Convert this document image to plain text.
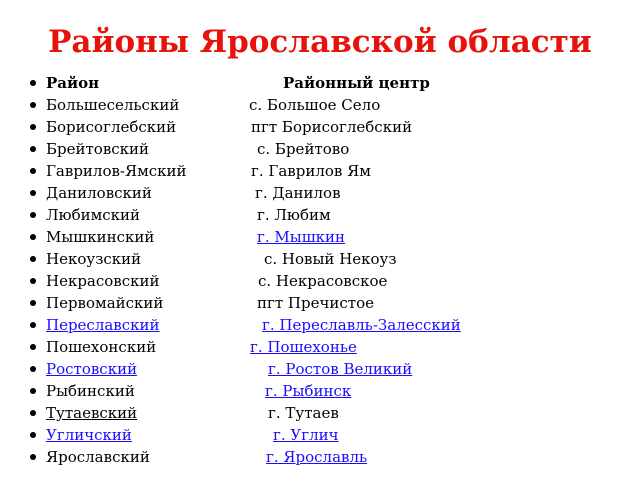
Районы Ярославской области
Район	Районный центр
Большесельский	с. Большое Село
Борисоглебский	пгт Борисоглебский
Брейтовский	с. Брейтово
Гаврилов-Ямский	г. Гаврилов Ям
Даниловский	г. Данилов
Любимский	г. Любим
Мышкинский	г. Мышкин
Некоузский	с. Новый Некоуз
Некрасовский	с. Некрасовское
Первомайский	пгт Пречистое
Переславский	г. Переславль-Залесский
Пошехонский	г. Пошехонье
Ростовский	г. Ростов Великий
Рыбинский	г. Рыбинск
Тутаевский	г. Тутаев
Угличский	г. Углич
Ярославский	г. Ярославль
